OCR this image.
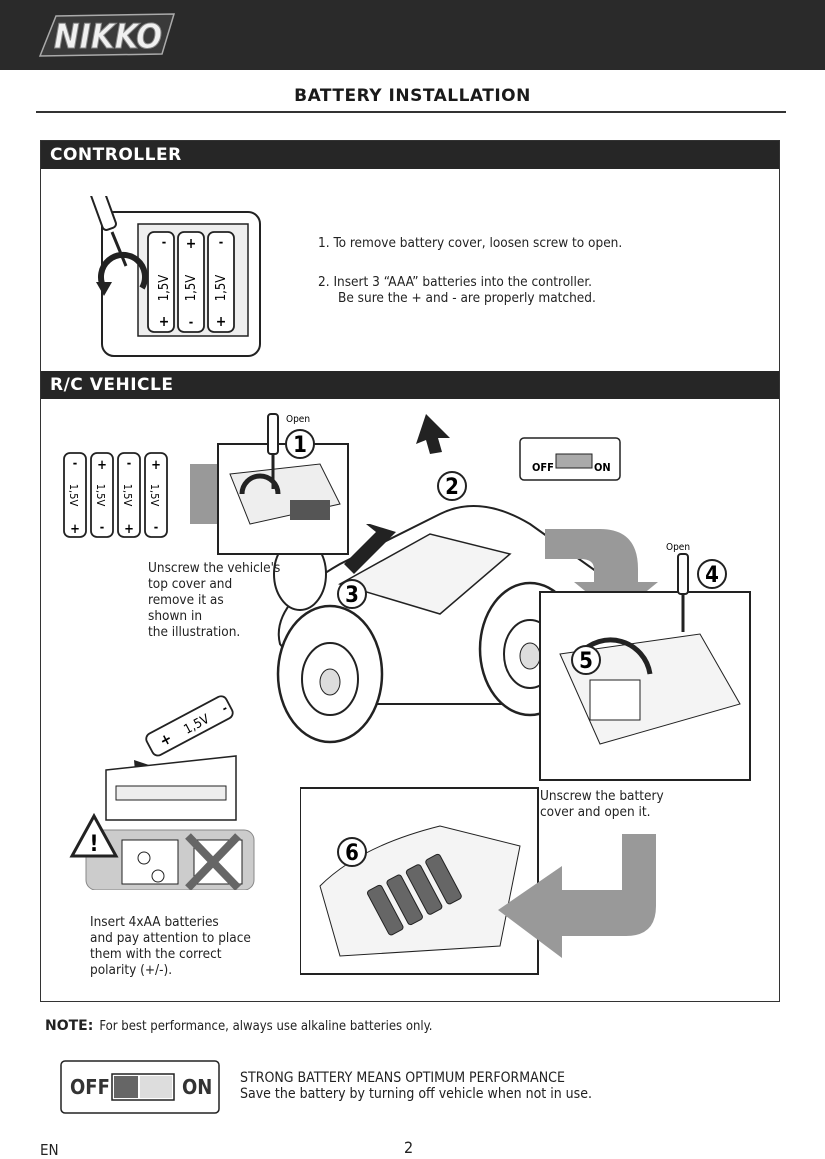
NIKKO
BATTERY INSTALLATION
CONTROLLER
-
+
1,5V
+
-
1,5V
-
+
1,5V
1. To remove battery cover, loosen screw to open.
2. Insert 3 “AAA” batteries into the controller.
Be sure the + and - are properly matched.
R/C VEHICLE
-
+
1,5V
+
-
1,5V
-
+
1,5V
+
-
1,5V
1
2
3
OFF	ON
4
5
Open
Open
Unscrew the vehicle's
top cover and
remove it as
shown in
the illustration.
Unscrew the battery
cover and open it.
+
1,5V
-
!
Insert 4xAA batteries
and pay attention to place
them with the correct
polarity (+/-).
6
NOTE: For best performance, always use alkaline batteries only.
OFF	ON STRONG BATTERY MEANS OPTIMUM PERFORMANCE
Save the battery by turning off vehicle when not in use.
EN	2
